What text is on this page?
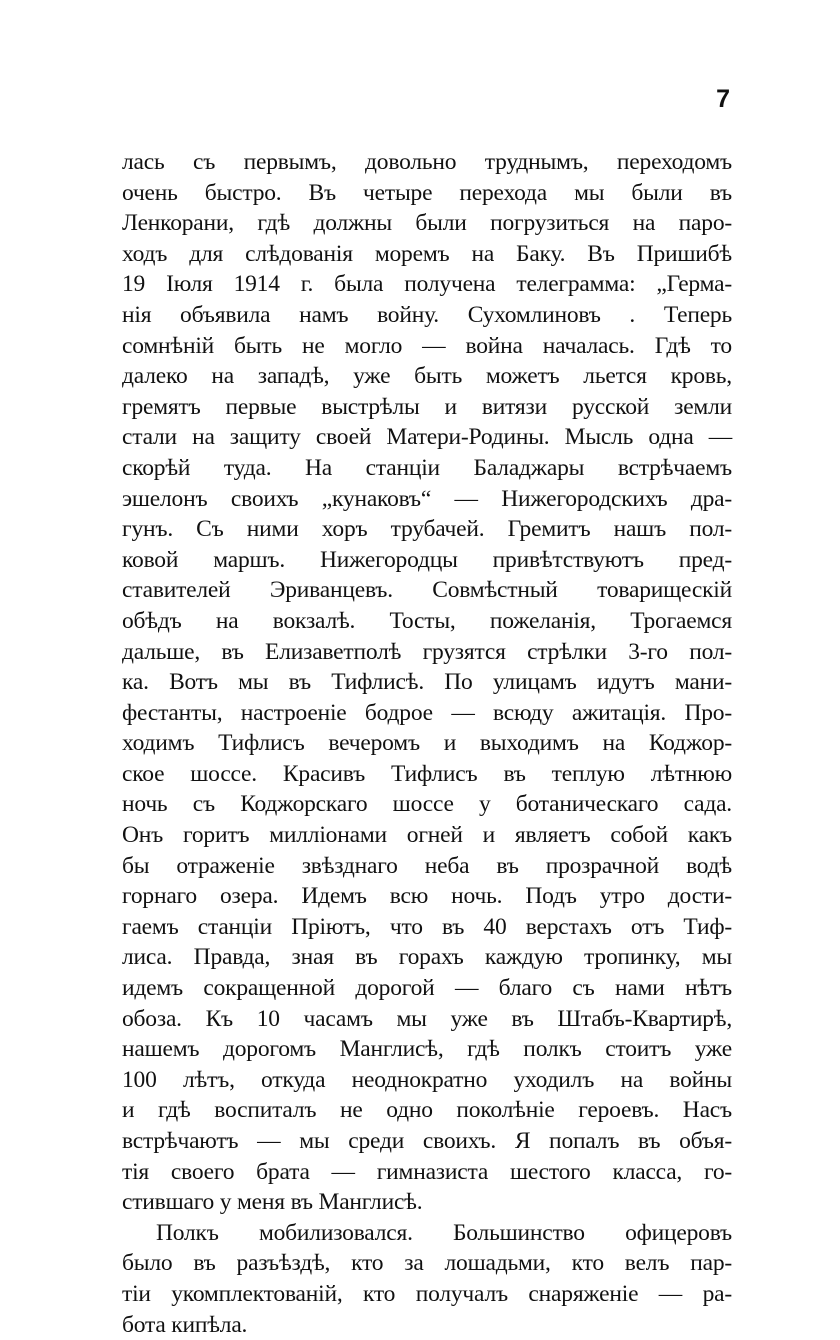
7
лась съ первымъ, довольно труднымъ, переходомъ
очень быстро. Въ четыре перехода мы были въ
Ленкорани, гдѣ должны были погрузиться на паро-
ходъ для слѣдованія моремъ на Баку. Въ Пришибѣ
19 Іюля 1914 г. была получена телеграмма: „Герма-
нія объявила намъ войну. Сухомлиновъ . Теперь
сомнѣній быть не могло — война началась. Гдѣ то
далеко на западѣ, уже быть можетъ льется кровь,
гремятъ первые выстрѣлы и витязи русской земли
стали на защиту своей Матери-Родины. Мысль одна —
скорѣй туда. На станціи Баладжары встрѣчаемъ
эшелонъ своихъ „кунаковъ“ — Нижегородскихъ дра-
гунъ. Съ ними хоръ трубачей. Гремитъ нашъ пол-
ковой маршъ. Нижегородцы привѣтствуютъ пред-
ставителей Эриванцевъ. Совмѣстный товарищескій
обѣдъ на вокзалѣ. Тосты, пожеланія, Трогаемся
дальше, въ Елизаветполѣ грузятся стрѣлки 3-го пол-
ка. Вотъ мы въ Тифлисѣ. По улицамъ идутъ мани-
фестанты, настроеніе бодрое — всюду ажитація. Про-
ходимъ Тифлисъ вечеромъ и выходимъ на Коджор-
ское шоссе. Красивъ Тифлисъ въ теплую лѣтнюю
ночь съ Коджорскаго шоссе у ботаническаго сада.
Онъ горитъ милліонами огней и являетъ собой какъ
бы отраженіе звѣзднаго неба въ прозрачной водѣ
горнаго озера. Идемъ всю ночь. Подъ утро дости-
гаемъ станціи Пріютъ, что въ 40 верстахъ отъ Тиф-
лиса. Правда, зная въ горахъ каждую тропинку, мы
идемъ сокращенной дорогой — благо съ нами нѣтъ
обоза. Къ 10 часамъ мы уже въ Штабъ-Квартирѣ,
нашемъ дорогомъ Манглисѣ, гдѣ полкъ стоитъ уже
100 лѣтъ, откуда неоднократно уходилъ на войны
и гдѣ воспиталъ не одно поколѣніе героевъ. Насъ
встрѣчаютъ — мы среди своихъ. Я попалъ въ объя-
тія своего брата — гимназиста шестого класса, го-
стившаго у меня въ Манглисѣ.
Полкъ мобилизовался. Большинство офицеровъ
было въ разъѣздѣ, кто за лошадьми, кто велъ пар-
тіи укомплектованій, кто получалъ снаряженіе — ра-
бота кипѣла.
